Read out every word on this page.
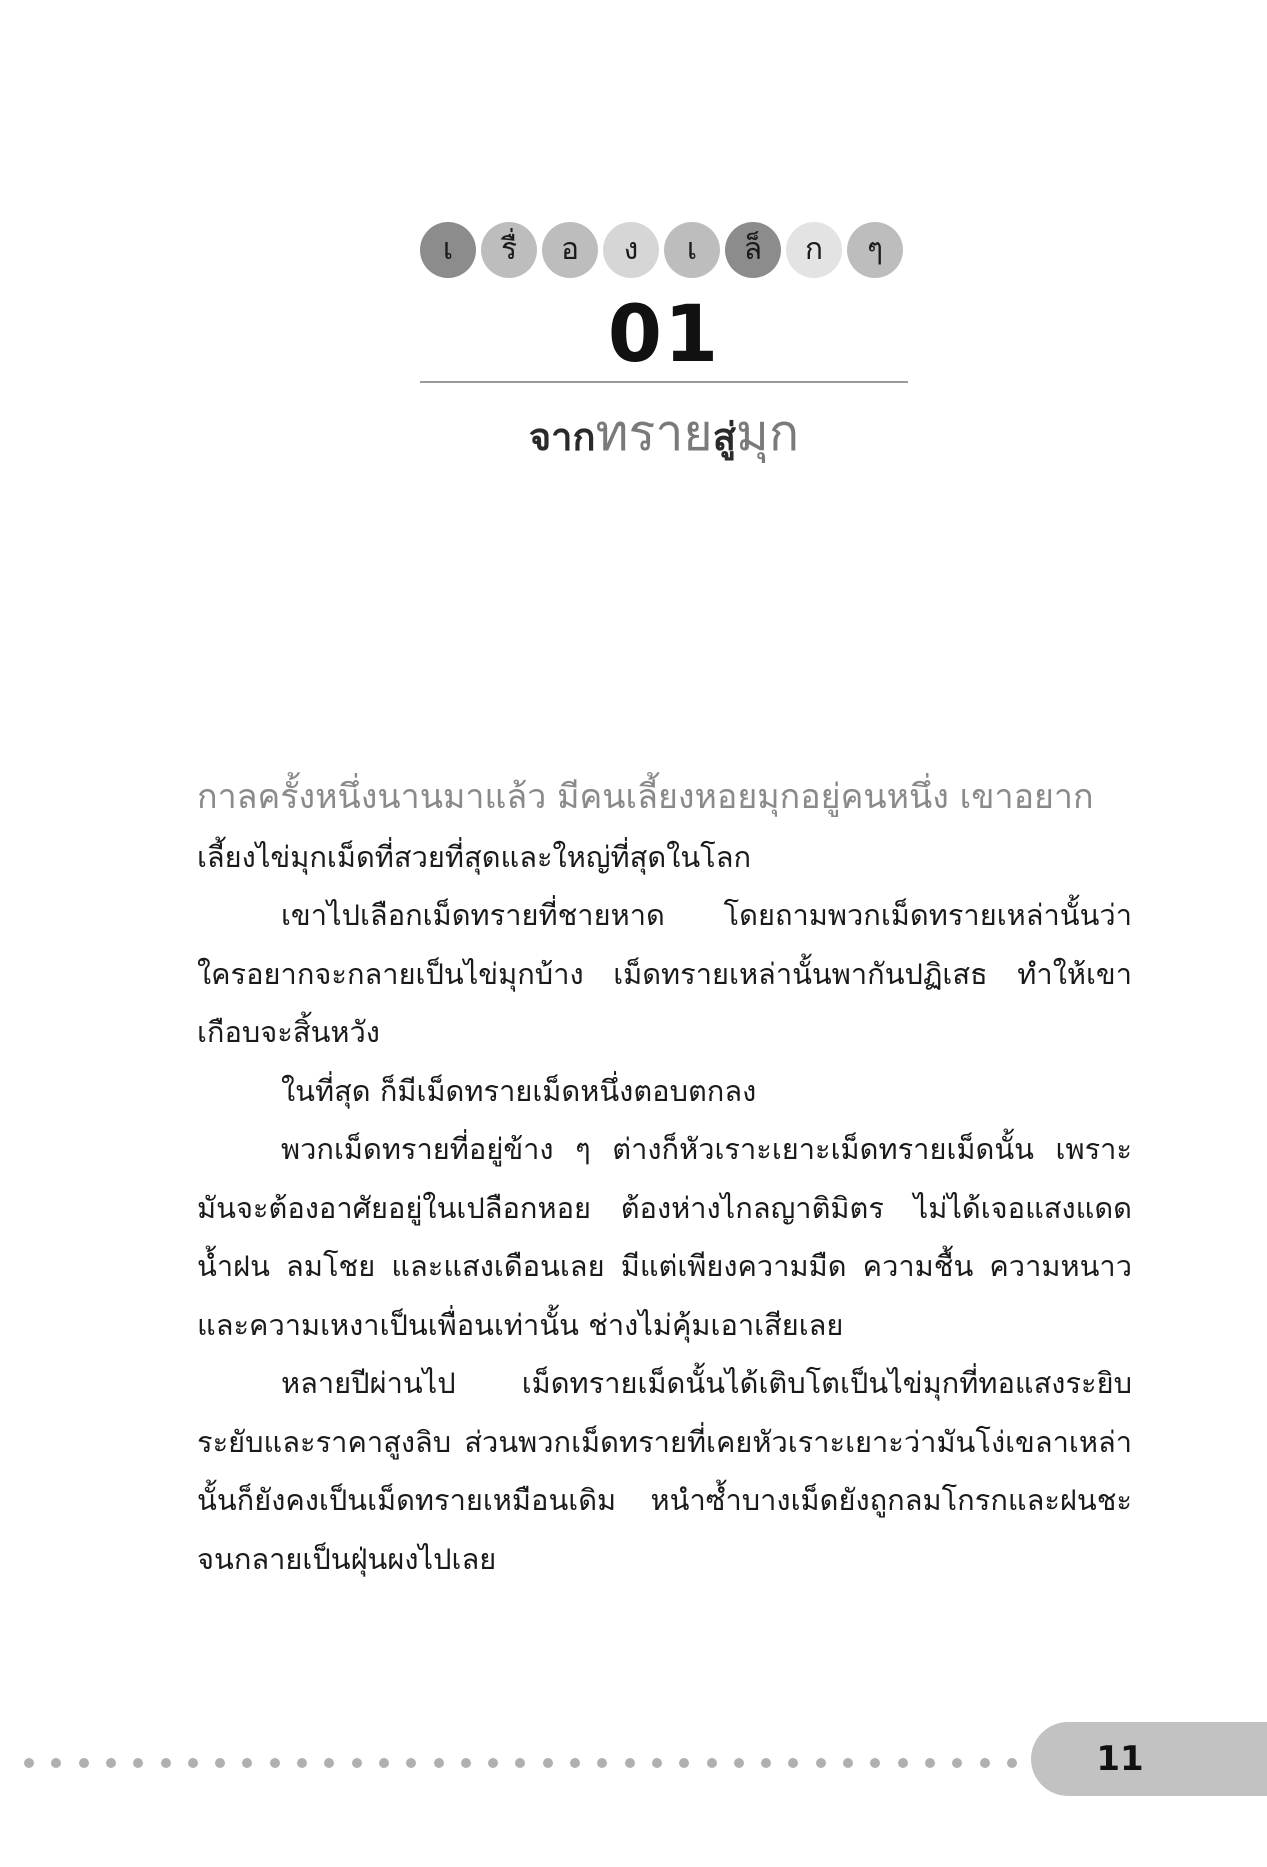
เ	รื่	อ	ง	เ	ล็	ก	ๆ
01
จากทรายสู่มุก

กาลครั้งหนึ่งนานมาแล้ว มีคนเลี้ยงหอยมุกอยู่คนหนึ่ง เขาอยาก
เลี้ยงไข่มุกเม็ดที่สวยที่สุดและใหญ่ที่สุดในโลก

เขาไปเลือกเม็ดทรายที่ชายหาด โดยถามพวกเม็ดทรายเหล่านั้นว่า ใครอยากจะกลายเป็นไข่มุกบ้าง เม็ดทรายเหล่านั้นพากันปฏิเสธ ทำให้เขาเกือบจะสิ้นหวัง

ในที่สุด ก็มีเม็ดทรายเม็ดหนึ่งตอบตกลง

พวกเม็ดทรายที่อยู่ข้าง ๆ ต่างก็หัวเราะเยาะเม็ดทรายเม็ดนั้น เพราะมันจะต้องอาศัยอยู่ในเปลือกหอย ต้องห่างไกลญาติมิตร ไม่ได้เจอแสงแดด น้ำฝน ลมโชย และแสงเดือนเลย มีแต่เพียงความมืด ความชื้น ความหนาว และความเหงาเป็นเพื่อนเท่านั้น ช่างไม่คุ้มเอาเสียเลย

หลายปีผ่านไป เม็ดทรายเม็ดนั้นได้เติบโตเป็นไข่มุกที่ทอแสงระยิบระยับและราคาสูงลิบ ส่วนพวกเม็ดทรายที่เคยหัวเราะเยาะว่ามันโง่เขลาเหล่านั้นก็ยังคงเป็นเม็ดทรายเหมือนเดิม หนำซ้ำบางเม็ดยังถูกลมโกรกและฝนชะจนกลายเป็นฝุ่นผงไปเลย

11
